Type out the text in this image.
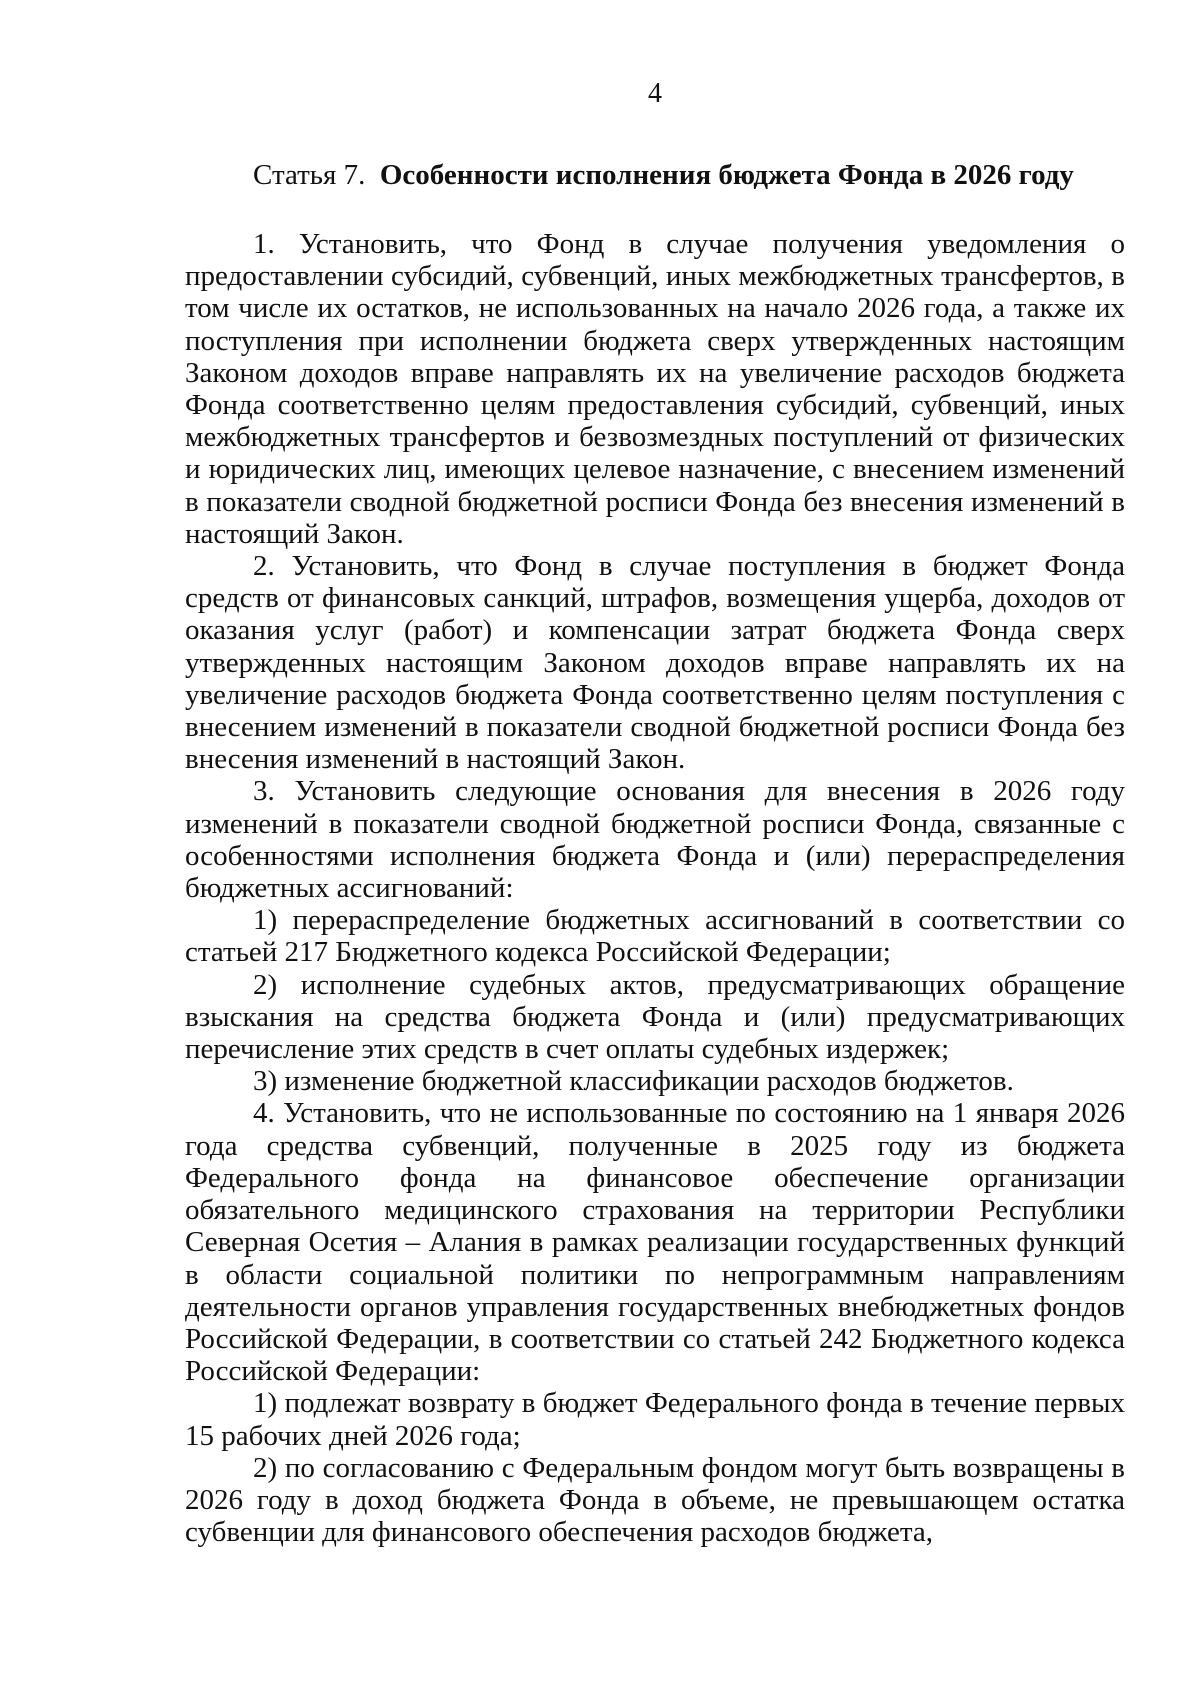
4
Статья 7. Особенности исполнения бюджета Фонда в 2026 году

1. Установить, что Фонд в случае получения уведомления о предоставлении субсидий, субвенций, иных межбюджетных трансфертов, в том числе их остатков, не использованных на начало 2026 года, а также их поступления при исполнении бюджета сверх утвержденных настоящим Законом доходов вправе направлять их на увеличение расходов бюджета Фонда соответственно целям предоставления субсидий, субвенций, иных межбюджетных трансфертов и безвозмездных поступлений от физических и юридических лиц, имеющих целевое назначение, с внесением изменений в показатели сводной бюджетной росписи Фонда без внесения изменений в настоящий Закон.

2. Установить, что Фонд в случае поступления в бюджет Фонда средств от финансовых санкций, штрафов, возмещения ущерба, доходов от оказания услуг (работ) и компенсации затрат бюджета Фонда сверх утвержденных настоящим Законом доходов вправе направлять их на увеличение расходов бюджета Фонда соответственно целям поступления с внесением изменений в показатели сводной бюджетной росписи Фонда без внесения изменений в настоящий Закон.

3. Установить следующие основания для внесения в 2026 году изменений в показатели сводной бюджетной росписи Фонда, связанные с особенностями исполнения бюджета Фонда и (или) перераспределения бюджетных ассигнований:

1) перераспределение бюджетных ассигнований в соответствии со статьей 217 Бюджетного кодекса Российской Федерации;

2) исполнение судебных актов, предусматривающих обращение взыскания на средства бюджета Фонда и (или) предусматривающих перечисление этих средств в счет оплаты судебных издержек;

3) изменение бюджетной классификации расходов бюджетов.

4. Установить, что не использованные по состоянию на 1 января 2026 года средства субвенций, полученные в 2025 году из бюджета Федерального фонда на финансовое обеспечение организации обязательного медицинского страхования на территории Республики Северная Осетия – Алания в рамках реализации государственных функций в области социальной политики по непрограммным направлениям деятельности органов управления государственных внебюджетных фондов Российской Федерации, в соответствии со статьей 242 Бюджетного кодекса Российской Федерации:

1) подлежат возврату в бюджет Федерального фонда в течение первых 15 рабочих дней 2026 года;

2) по согласованию с Федеральным фондом могут быть возвращены в 2026 году в доход бюджета Фонда в объеме, не превышающем остатка субвенции для финансового обеспечения расходов бюджета,
